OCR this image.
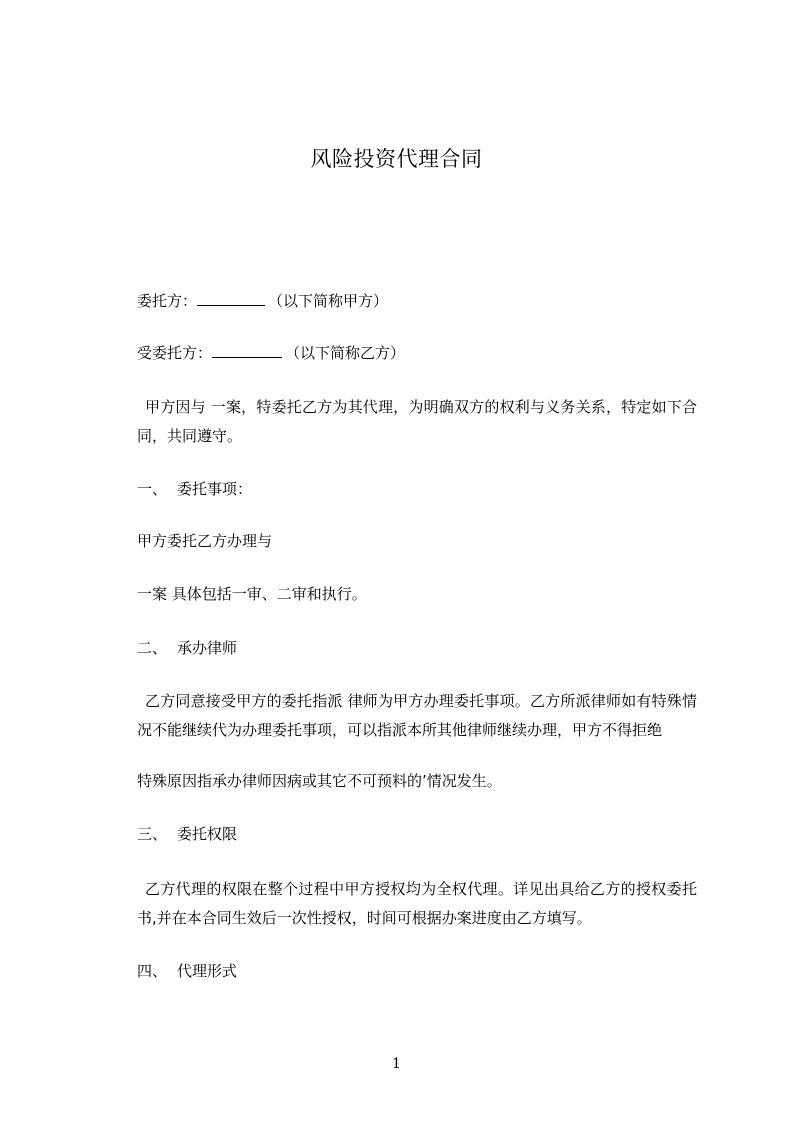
风险投资代理合同
委托方：	（以下简称甲方）
受委托方：	（以下简称乙方）
甲方因与 一案，特委托乙方为其代理，为明确双方的权利与义务关系，特定如下合同，共同遵守。
一、 委托事项：
甲方委托乙方办理与
一案 具体包括一审、二审和执行。
二、 承办律师
乙方同意接受甲方的委托指派 律师为甲方办理委托事项。乙方所派律师如有特殊情况不能继续代为办理委托事项，可以指派本所其他律师继续办理，甲方不得拒绝
特殊原因指承办律师因病或其它不可预料的’情况发生。
三、 委托权限
乙方代理的权限在整个过程中甲方授权均为全权代理。详见出具给乙方的授权委托书,并在本合同生效后一次性授权，时间可根据办案进度由乙方填写。
四、 代理形式
1
